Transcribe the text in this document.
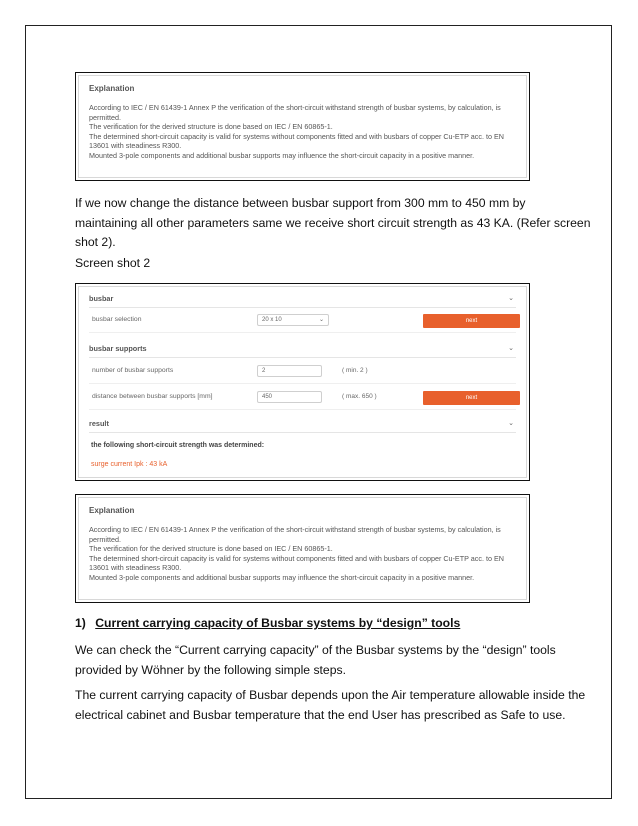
Explanation
According to IEC / EN 61439-1 Annex P the verification of the short-circuit withstand strength of busbar systems, by calculation, is
permitted.
The verification for the derived structure is done based on IEC / EN 60865-1.
The determined short-circuit capacity is valid for systems without components fitted and with busbars of copper Cu-ETP acc. to EN
13601 with steadiness R300.
Mounted 3-pole components and additional busbar supports may influence the short-circuit capacity in a positive manner.
If we now change the distance between busbar support from 300 mm to 450 mm by
maintaining all other parameters same we receive short circuit strength as 43 KA. (Refer screen
shot 2).
Screen shot 2
busbar	⌄
busbar selection	20 x 10	⌄	next
busbar supports	⌄
number of busbar supports	2	( min. 2 )
distance between busbar supports [mm]	450	( max. 650 )	next
result	⌄
the following short-circuit strength was determined:
surge current Ipk : 43 kA
Explanation
According to IEC / EN 61439-1 Annex P the verification of the short-circuit withstand strength of busbar systems, by calculation, is
permitted.
The verification for the derived structure is done based on IEC / EN 60865-1.
The determined short-circuit capacity is valid for systems without components fitted and with busbars of copper Cu-ETP acc. to EN
13601 with steadiness R300.
Mounted 3-pole components and additional busbar supports may influence the short-circuit capacity in a positive manner.
1) Current carrying capacity of Busbar systems by “design” tools
We can check the “Current carrying capacity” of the Busbar systems by the “design” tools
provided by Wöhner by the following simple steps.
The current carrying capacity of Busbar depends upon the Air temperature allowable inside the
electrical cabinet and Busbar temperature that the end User has prescribed as Safe to use.
